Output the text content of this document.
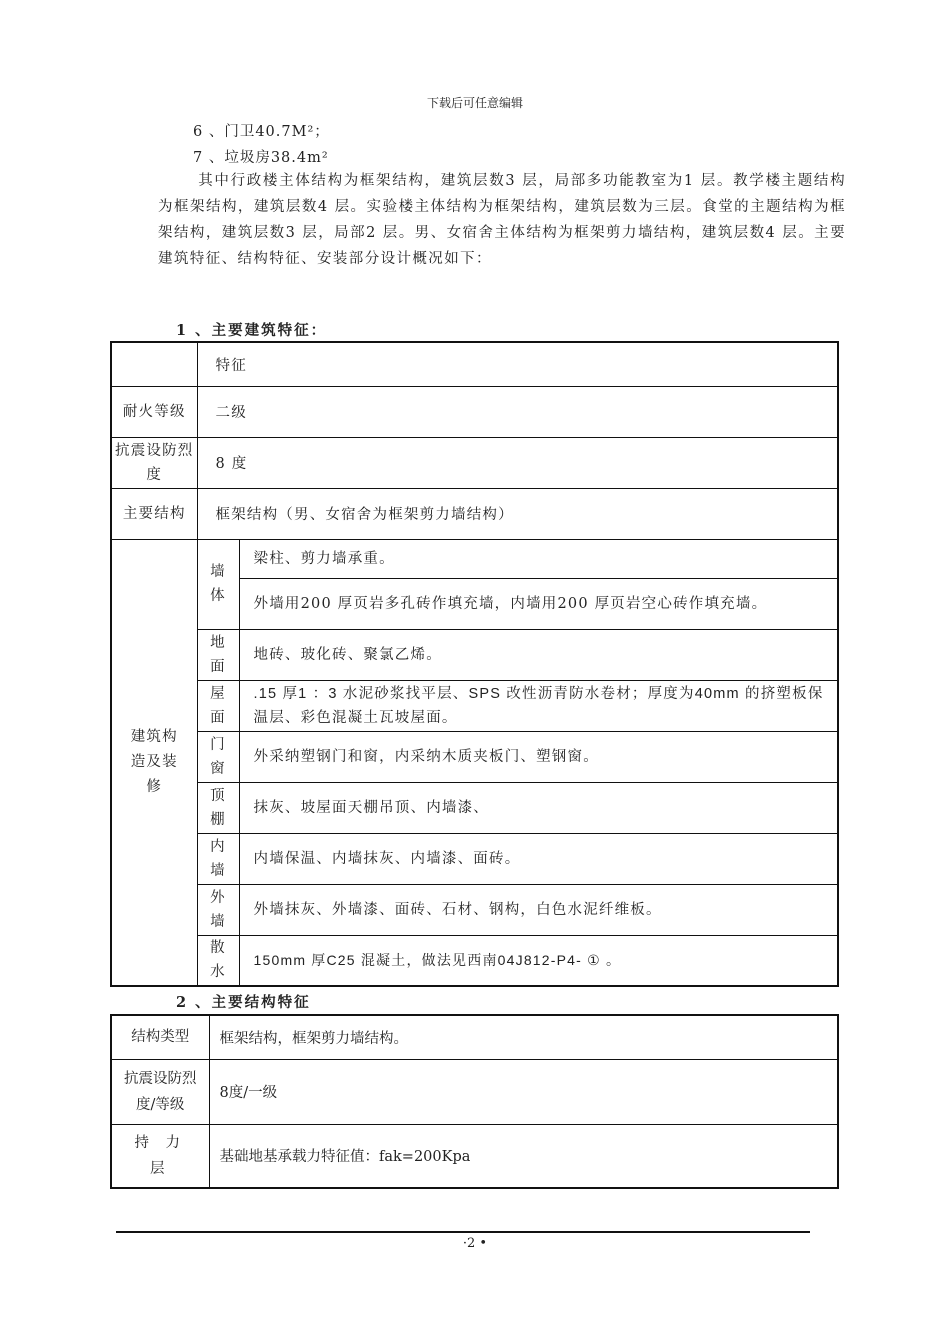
下载后可任意编辑
6 、门卫40.7M²；
7 、垃圾房38.4m²
其中行政楼主体结构为框架结构，建筑层数3 层，局部多功能教室为1 层。教学楼主题结构为框架结构，建筑层数4 层。实验楼主体结构为框架结构，建筑层数为三层。食堂的主题结构为框架结构，建筑层数3 层，局部2 层。男、女宿舍主体结构为框架剪力墙结构，建筑层数4 层。主要建筑特征、结构特征、安装部分设计概况如下：
1 、主要建筑特征：
	特征	
耐火等级	二级	
抗震设防烈度	8 度	
主要结构	框架结构（男、女宿舍为框架剪力墙结构）	
建筑构造及装修	墙体	梁柱、剪力墙承重。
		外墙用200 厚页岩多孔砖作填充墙，内墙用200 厚页岩空心砖作填充墙。
	地面	地砖、玻化砖、聚氯乙烯。
	屋面	.15 厚1 ：3 水泥砂浆找平层、SPS 改性沥青防水卷材；厚度为40mm 的挤塑板保温层、彩色混凝土瓦坡屋面。
	门窗	外采纳塑钢门和窗，内采纳木质夹板门、塑钢窗。
	顶棚	抹灰、坡屋面天棚吊顶、内墙漆、
	内墙	内墙保温、内墙抹灰、内墙漆、面砖。
	外墙	外墙抹灰、外墙漆、面砖、石材、钢构，白色水泥纤维板。
	散水	150mm 厚C25 混凝土，做法见西南04J812-P4- ① 。
2 、主要结构特征
结构类型	框架结构，框架剪力墙结构。
抗震设防烈度/等级	8度/一级
持 力 层	基础地基承载力特征值：fak=200Kpa
·2 •
